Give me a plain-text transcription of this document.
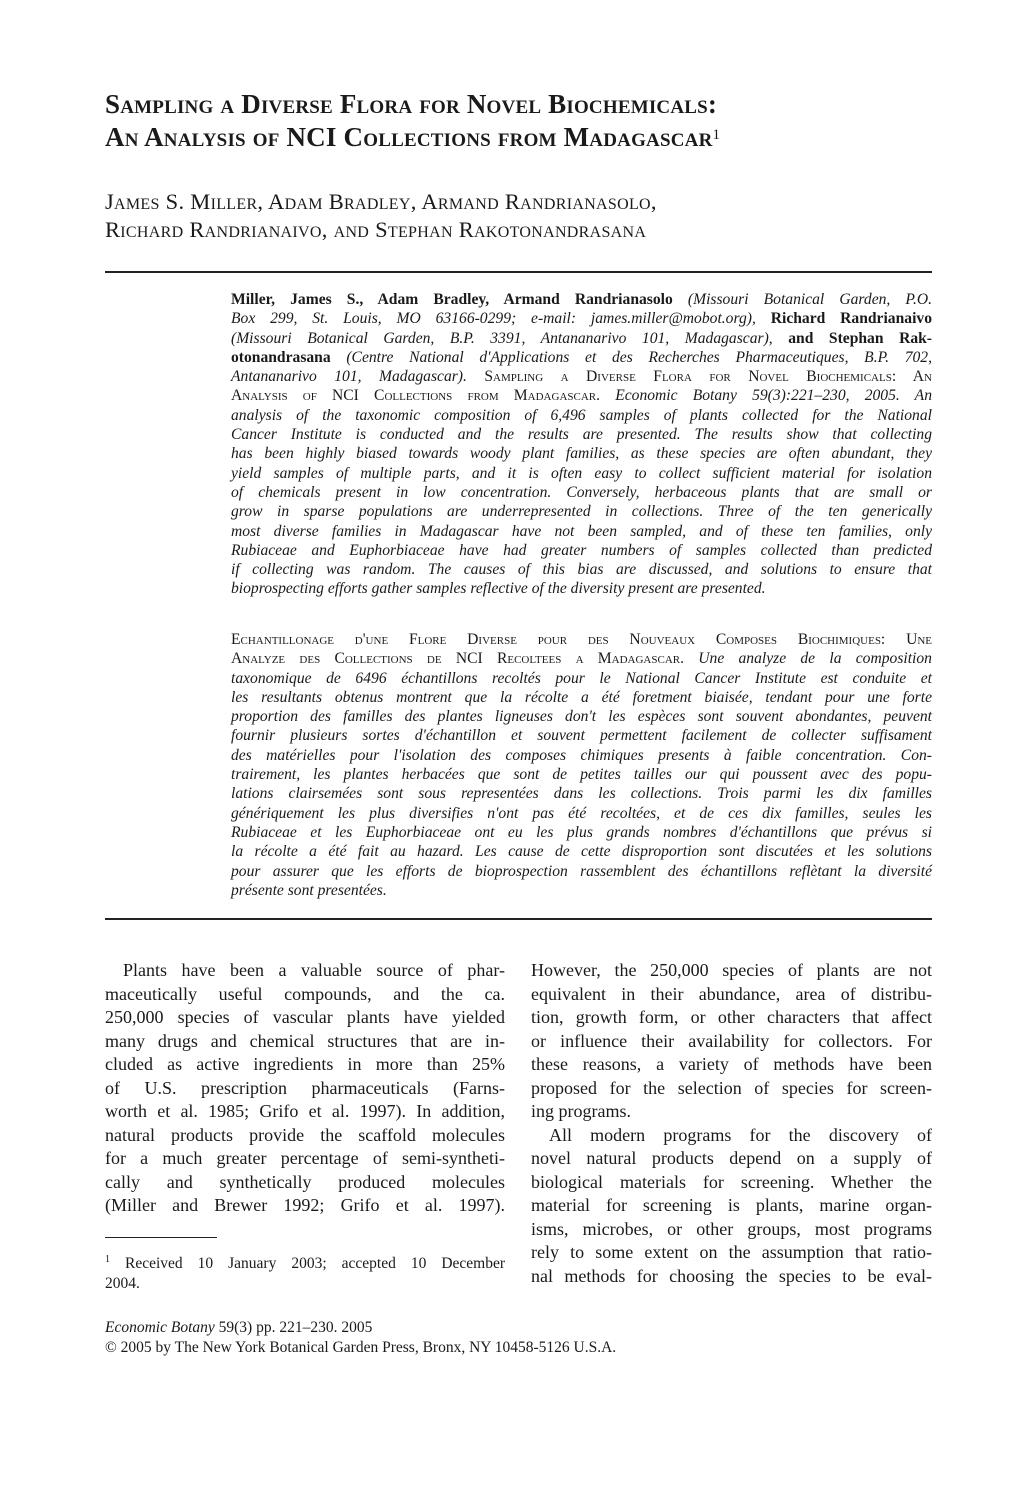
Sampling a Diverse Flora for Novel Biochemicals:
An Analysis of NCI Collections from Madagascar$^1$
James S. Miller, Adam Bradley, Armand Randrianasolo,
Richard Randrianaivo, and Stephan Rakotonandrasana
Miller, James S., Adam Bradley, Armand Randrianasolo (Missouri Botanical Garden, P.O.
Box 299, St. Louis, MO 63166-0299; e-mail: james.miller@mobot.org), Richard Randrianaivo
(Missouri Botanical Garden, B.P. 3391, Antananarivo 101, Madagascar), and Stephan Rak-
otonandrasana (Centre National d'Applications et des Recherches Pharmaceutiques, B.P. 702,
Antananarivo 101, Madagascar). Sampling a Diverse Flora for Novel Biochemicals: An
Analysis of NCI Collections from Madagascar. Economic Botany 59(3):221–230, 2005. An
analysis of the taxonomic composition of 6,496 samples of plants collected for the National
Cancer Institute is conducted and the results are presented. The results show that collecting
has been highly biased towards woody plant families, as these species are often abundant, they
yield samples of multiple parts, and it is often easy to collect sufficient material for isolation
of chemicals present in low concentration. Conversely, herbaceous plants that are small or
grow in sparse populations are underrepresented in collections. Three of the ten generically
most diverse families in Madagascar have not been sampled, and of these ten families, only
Rubiaceae and Euphorbiaceae have had greater numbers of samples collected than predicted
if collecting was random. The causes of this bias are discussed, and solutions to ensure that
bioprospecting efforts gather samples reflective of the diversity present are presented.
Echantillonage d'une Flore Diverse pour des Nouveaux Composes Biochimiques: Une
Analyze des Collections de NCI Recoltees a Madagascar. Une analyze de la composition
taxonomique de 6496 échantillons recoltés pour le National Cancer Institute est conduite et
les resultants obtenus montrent que la récolte a été foretment biaisée, tendant pour une forte
proportion des familles des plantes ligneuses don't les espèces sont souvent abondantes, peuvent
fournir plusieurs sortes d'échantillon et souvent permettent facilement de collecter suffisament
des matérielles pour l'isolation des composes chimiques presents à faible concentration. Con-
trairement, les plantes herbacées que sont de petites tailles our qui poussent avec des popu-
lations clairsemées sont sous representées dans les collections. Trois parmi les dix familles
génériquement les plus diversifies n'ont pas été recoltées, et de ces dix familles, seules les
Rubiaceae et les Euphorbiaceae ont eu les plus grands nombres d'échantillons que prévus si
la récolte a été fait au hazard. Les cause de cette disproportion sont discutées et les solutions
pour assurer que les efforts de bioprospection rassemblent des échantillons reflètant la diversité
présente sont presentées.
Plants have been a valuable source of phar-
maceutically useful compounds, and the ca.
250,000 species of vascular plants have yielded
many drugs and chemical structures that are in-
cluded as active ingredients in more than 25%
of U.S. prescription pharmaceuticals (Farns-
worth et al. 1985; Grifo et al. 1997). In addition,
natural products provide the scaffold molecules
for a much greater percentage of semi-syntheti-
cally and synthetically produced molecules
(Miller and Brewer 1992; Grifo et al. 1997).
However, the 250,000 species of plants are not
equivalent in their abundance, area of distribu-
tion, growth form, or other characters that affect
or influence their availability for collectors. For
these reasons, a variety of methods have been
proposed for the selection of species for screen-
ing programs.
All modern programs for the discovery of
novel natural products depend on a supply of
biological materials for screening. Whether the
material for screening is plants, marine organ-
isms, microbes, or other groups, most programs
rely to some extent on the assumption that ratio-
nal methods for choosing the species to be eval-
$^1$ Received 10 January 2003; accepted 10 December
2004.
Economic Botany 59(3) pp. 221–230. 2005
© 2005 by The New York Botanical Garden Press, Bronx, NY 10458-5126 U.S.A.
